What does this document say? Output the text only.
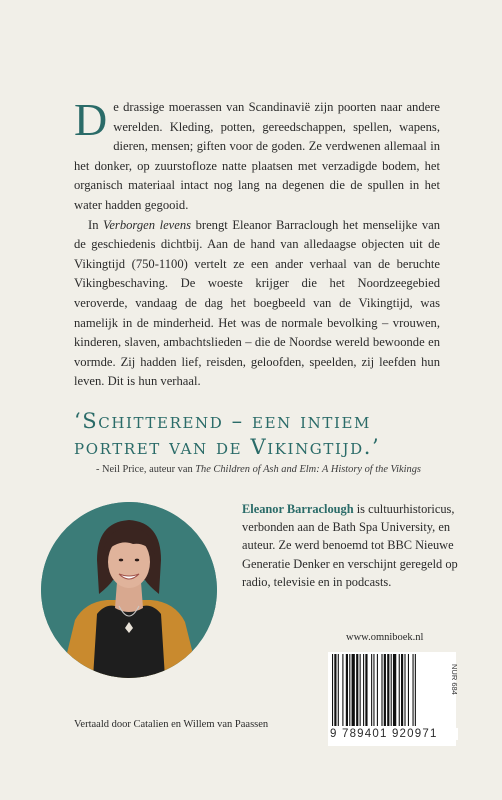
De drassige moerassen van Scandinavië zijn poorten naar andere werelden. Kleding, potten, gereedschappen, spellen, wapens, dieren, mensen; giften voor de goden. Ze verdwenen allemaal in het donker, op zuurstofloze natte plaatsen met verzadigde bodem, het organisch materiaal intact nog lang na degenen die de spullen in het water hadden gegooid.

In Verborgen levens brengt Eleanor Barraclough het menselijke van de geschiedenis dichtbij. Aan de hand van alledaagse objecten uit de Vikingtijd (750-1100) vertelt ze een ander verhaal van de beruchte Vikingbeschaving. De woeste krijger die het Noordzeegebied veroverde, vandaag de dag het boegbeeld van de Vikingtijd, was namelijk in de minderheid. Het was de normale bevolking – vrouwen, kinderen, slaven, ambachtslieden – die de Noordse wereld bewoonde en vormde. Zij hadden lief, reisden, geloofden, speelden, zij leefden hun leven. Dit is hun verhaal.

‘Schitterend – een intiem portret van de Vikingtijd.’
- Neil Price, auteur van The Children of Ash and Elm: A History of the Vikings
Eleanor Barraclough is cultuurhistoricus, verbonden aan de Bath Spa University, en auteur. Ze werd benoemd tot BBC Nieuwe Generatie Denker en verschijnt geregeld op radio, televisie en in podcasts.
www.omniboek.nl
NUR 684
9 789401 920971
Vertaald door Catalien en Willem van Paassen
